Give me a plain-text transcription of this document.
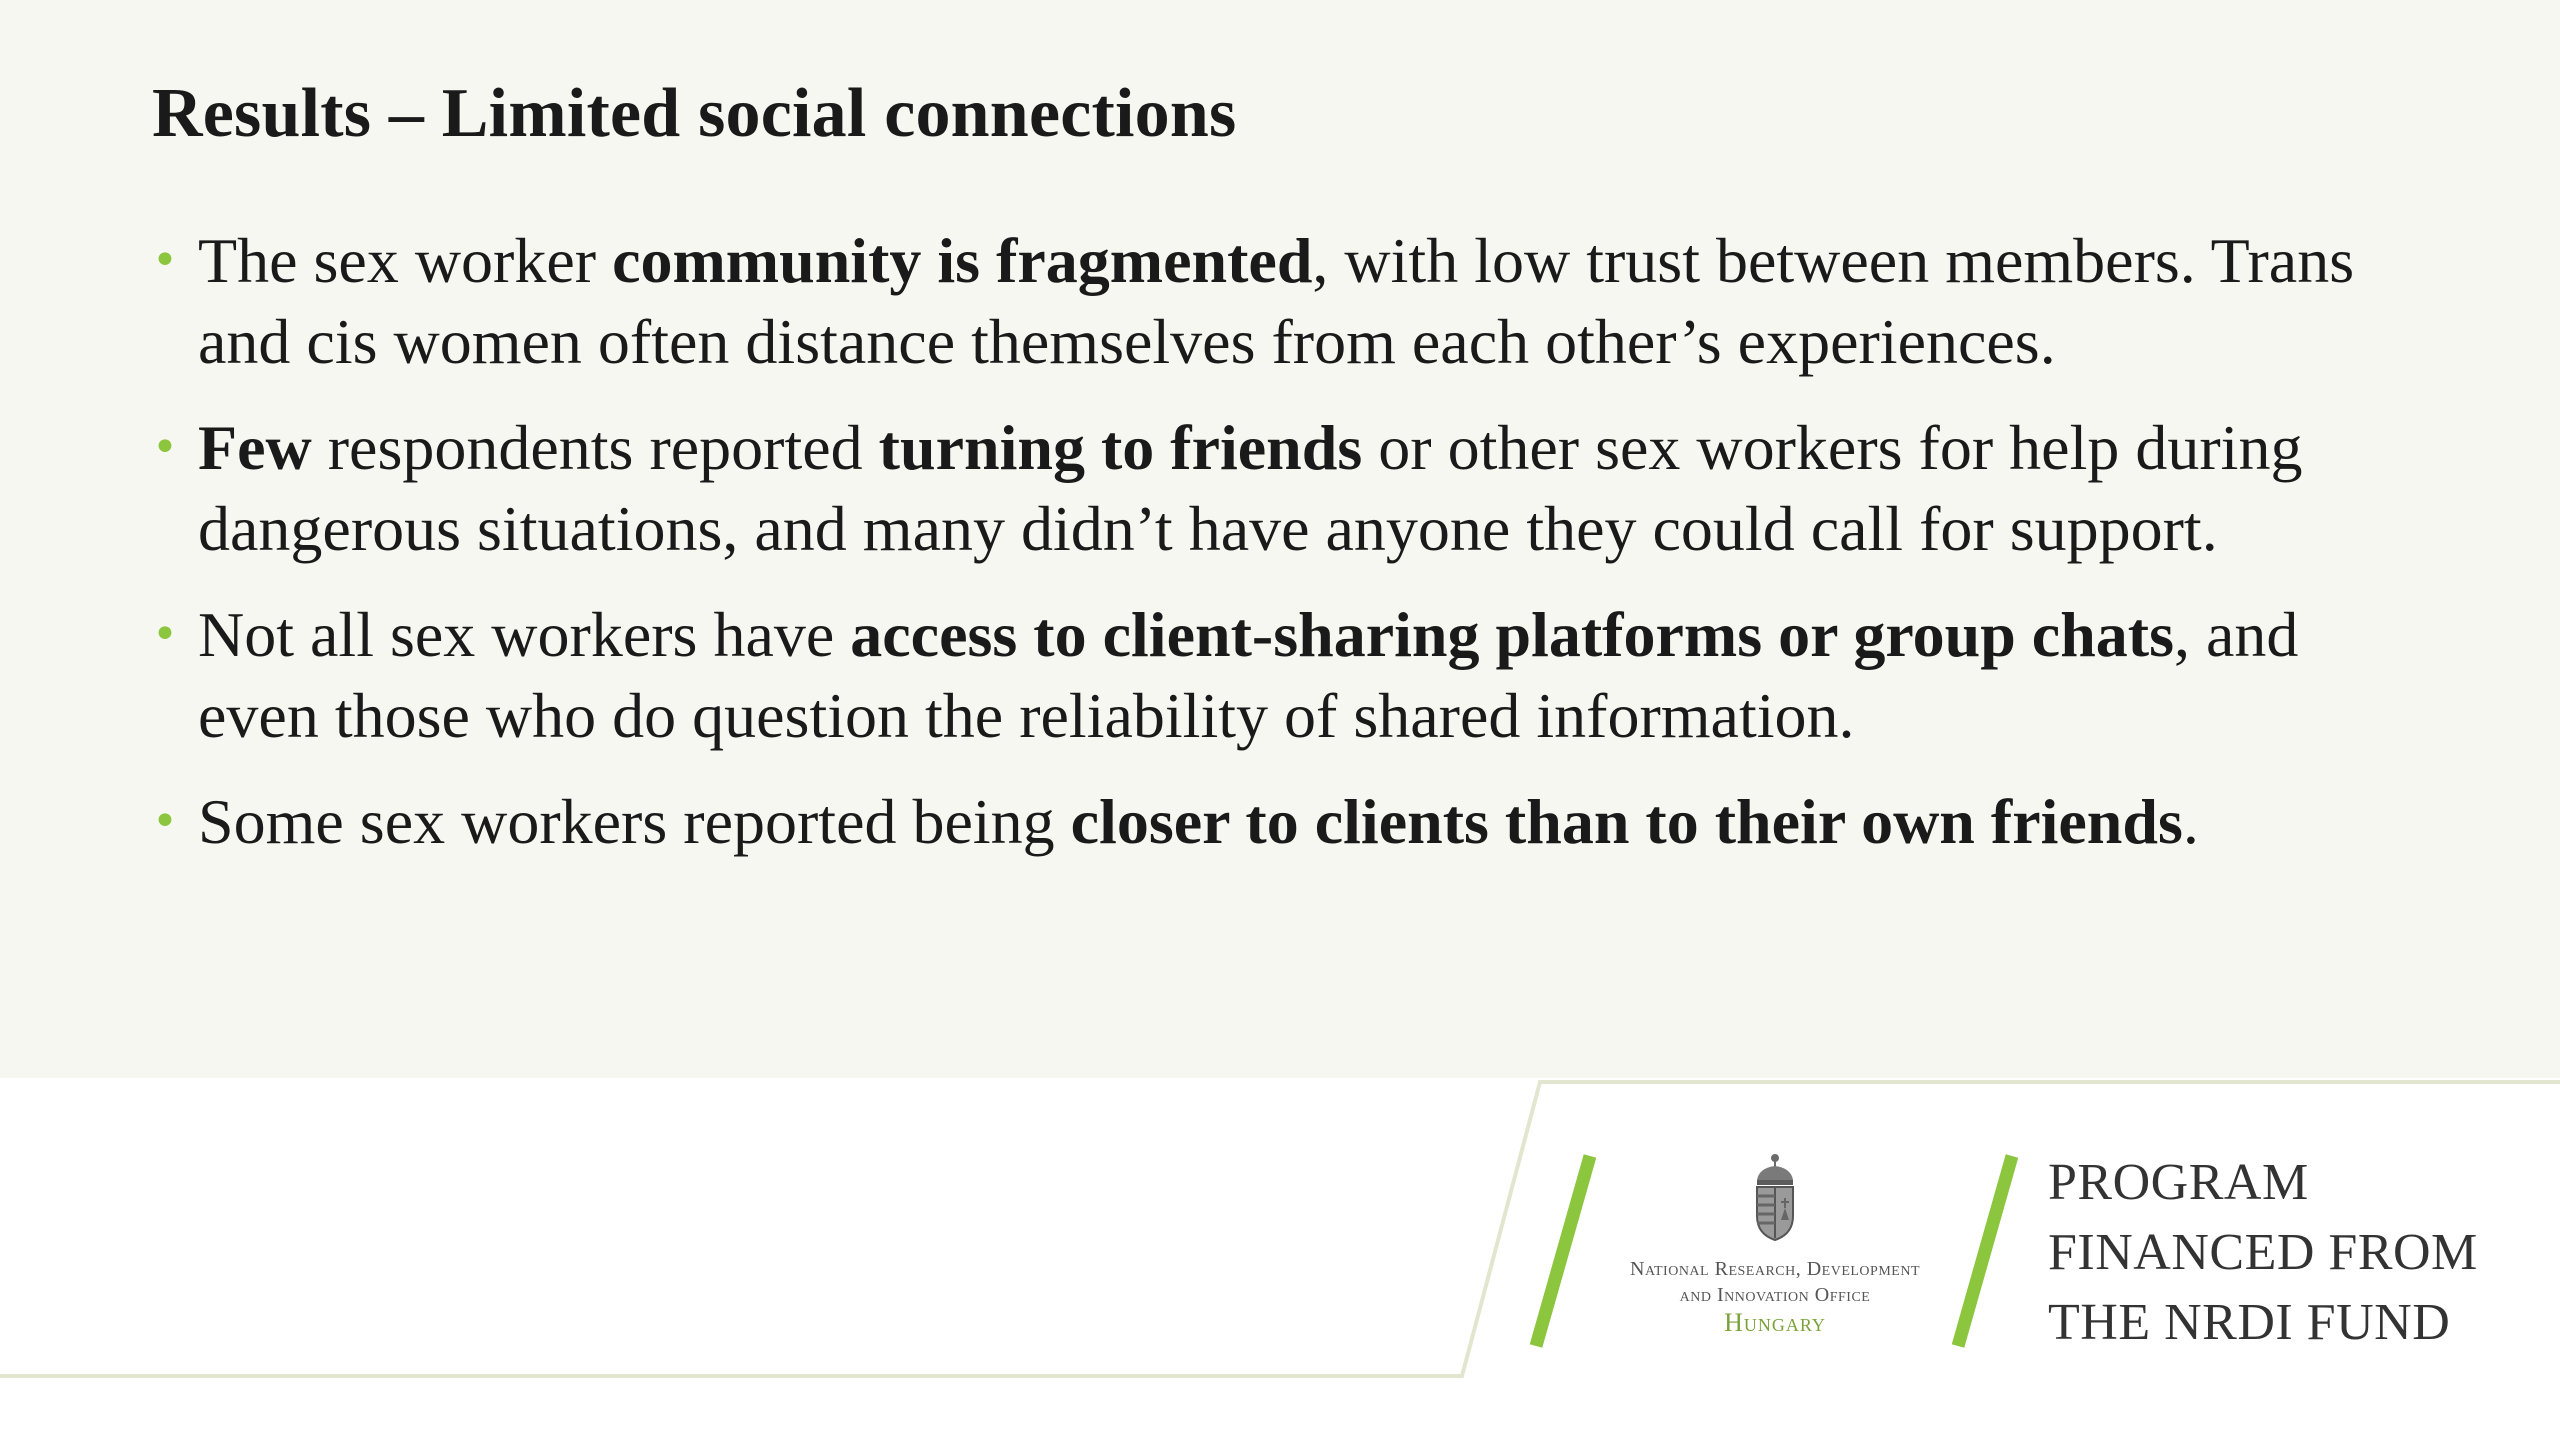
Results – Limited social connections
• The sex worker community is fragmented, with low trust between members. Trans and cis women often distance themselves from each other’s experiences.
• Few respondents reported turning to friends or other sex workers for help during dangerous situations, and many didn’t have anyone they could call for support.
• Not all sex workers have access to client-sharing platforms or group chats, and even those who do question the reliability of shared information.
• Some sex workers reported being closer to clients than to their own friends.
National Research, Development
and Innovation Office
Hungary
PROGRAM
FINANCED FROM
THE NRDI FUND
